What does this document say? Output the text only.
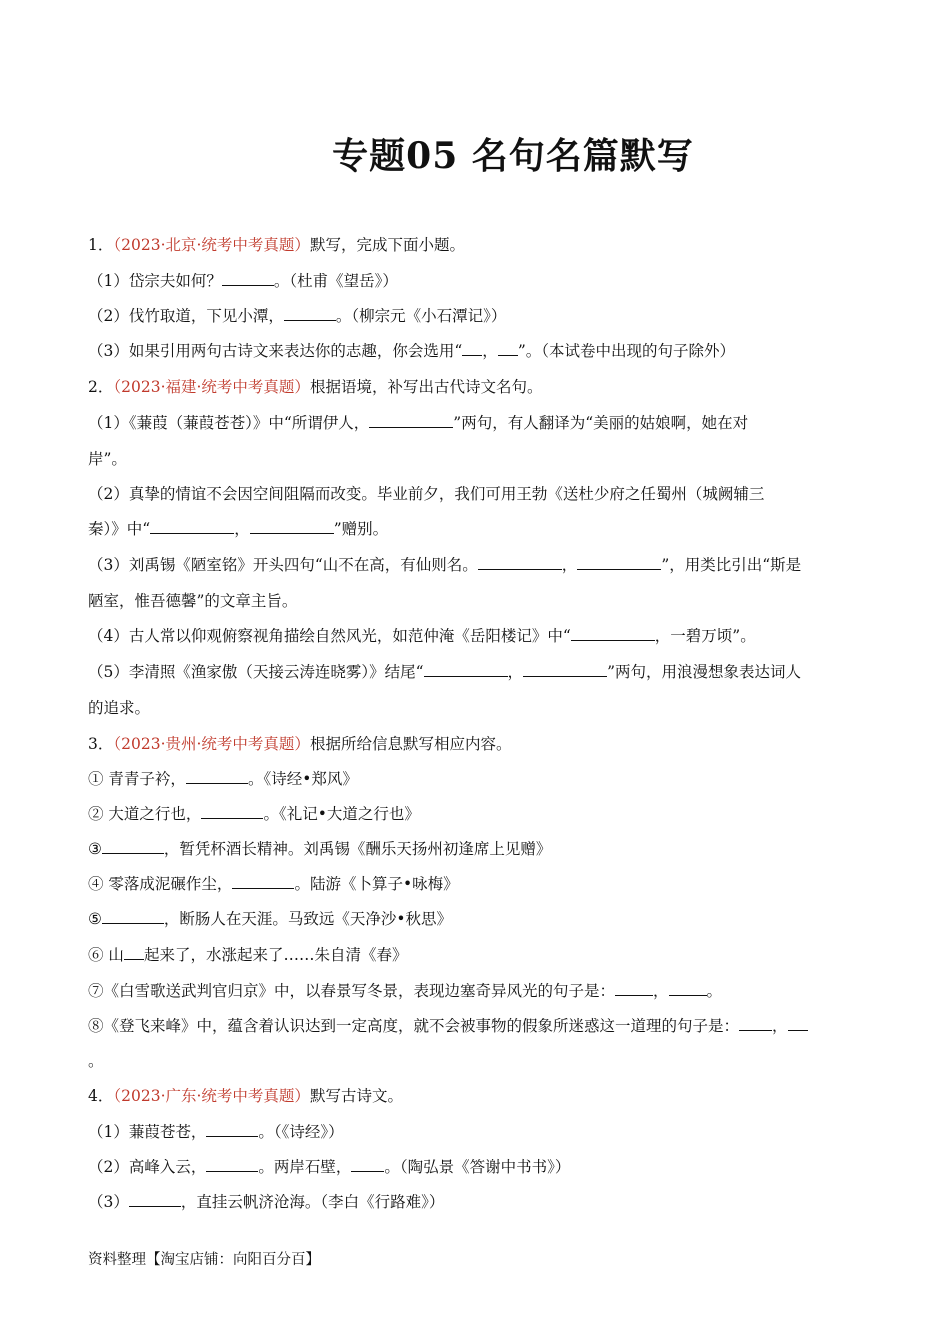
专题05 名句名篇默写
1．（2023·北京·统考中考真题）默写，完成下面小题。
（1）岱宗夫如何？	。（杜甫《望岳》）
（2）伐竹取道，下见小潭，	。（柳宗元《小石潭记》）
（3）如果引用两句古诗文来表达你的志趣，你会选用“ ， ”。（本试卷中出现的句子除外）
2．（2023·福建·统考中考真题）根据语境，补写出古代诗文名句。
（1）《蒹葭（蒹葭苍苍）》中“所谓伊人，	”两句，有人翻译为“美丽的姑娘啊，她在对
岸”。
（2）真挚的情谊不会因空间阻隔而改变。毕业前夕，我们可用王勃《送杜少府之任蜀州（城阙辅三
秦）》中“	，	”赠别。
（3）刘禹锡《陋室铭》开头四句“山不在高，有仙则名。	，	”，用类比引出“斯是
陋室，惟吾德馨”的文章主旨。
（4）古人常以仰观俯察视角描绘自然风光，如范仲淹《岳阳楼记》中“	，一碧万顷”。
（5）李清照《渔家傲（天接云涛连晓雾）》结尾“	，	”两句，用浪漫想象表达词人
的追求。
3．（2023·贵州·统考中考真题）根据所给信息默写相应内容。
① 青青子衿，	。《诗经•郑风》
② 大道之行也，	。《礼记•大道之行也》
③	，暂凭杯酒长精神。刘禹锡《酬乐天扬州初逢席上见赠》
④ 零落成泥碾作尘，	。陆游《卜算子•咏梅》
⑤	，断肠人在天涯。马致远《天净沙•秋思》
⑥ 山 起来了，水涨起来了……朱自清《春》
⑦《白雪歌送武判官归京》中，以春景写冬景，表现边塞奇异风光的句子是： ， 。
⑧《登飞来峰》中，蕴含着认识达到一定高度，就不会被事物的假象所迷惑这一道理的句子是： ，
。
4．（2023·广东·统考中考真题）默写古诗文。
（1）蒹葭苍苍，	。（《诗经》）
（2）高峰入云，	。两岸石壁， 。（陶弘景《答谢中书书》）
（3）	，直挂云帆济沧海。（李白《行路难》）
资料整理【淘宝店铺：向阳百分百】
